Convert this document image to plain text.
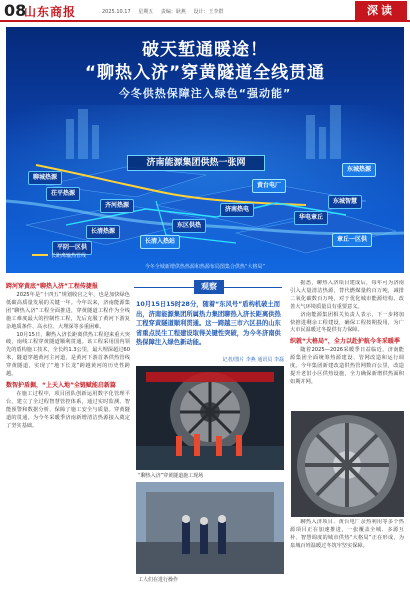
08
山东商报	2025.10.17 星期五 责编：耿燕 设计：王李群	深读
破天堑通暖途！
“聊热入济”穿黄隧道全线贯通
今冬供热保障注入绿色“强动能”
济南能源集团供热一张网
聊城热源
东城热源
茌平热源
齐河热源
长清热源
黄台电厂
东城智慧
济南热电
华电章丘
东区供热
长清入热站
平阴一区供
章丘一区供
长距离输热管线
今冬全城新增供热热源和热源布局图集合供热“大格局”
跨河穿黄底“聊热入济”工程传捷报

2025年是“十四五”规划收官之年，也是加快绿色低碳高质量发展的关键一年。今年以来，济南能源集团“聊热入济”工程全面推进，穿黄隧道工程作为全线施工难度最大的控制性工程，先后克服了黄河下游复杂地质条件、高水位、大埋深等多重困难。

10月15日，聊热入济长距离供热工程迎来重大突破，南线工程穿黄隧道顺利贯通。该工程采用国内领先的盾构施工技术，全长约1.3公里，最大埋深超过60米，隧道穿越黄河主河道，是黄河下游首条供热管线穿黄隧道，实现了“地下长龙”跨越黄河的历史性跨越。

数智护盾掘，“上天入地”全链赋能启新篇

在施工过程中，项目团队创新运用数字化管理平台，建立了全过程智慧管控体系，通过实时监测、智能预警和数据分析，保障了施工安全与质量。穿黄隧道的贯通，为今冬采暖季济南新增清洁热源接入奠定了坚实基础。

观察
10月15日15时28分，随着“东风号”盾构机破土而出，济南能源集团所属热力集团聊热入济长距离供热工程穿黄隧道顺利贯通。这一跨越三市六区县的山东省重点民生工程建设取得关键性突破，为今冬济南供热保障注入绿色新动能。
记者/图片 李燕 通讯员 李磊
“聊热入济”穿黄隧道施工现场
工人们在进行操作

据悉，聊热入济项目建成后，每年可为济南引入大量清洁热源，替代燃煤量约百万吨，减排二氧化碳数百万吨，对于优化城市能源结构、改善大气环境质量具有重要意义。

济南能源集团相关负责人表示，下一步将加快推进剩余工程建设，确保工程按期投用，为广大市民温暖过冬提供有力保障。

织就“大格局”，全力以赴护航今冬采暖季

随着2025—2026采暖季日益临近，济南能源集团全面统筹热源建设、管网改造和运行调度。今年集团新建改造供热管网数百公里，改造提升老旧小区供热设施，全力确保新增供热面积如期并网。

聊热入济项目、黄台电厂余热利用等多个热源项目正在加速推进，一张覆盖全城、多源互补、智慧调度的城市供热“大格局”正在形成，为泉城百姓温暖过冬筑牢坚实保障。
